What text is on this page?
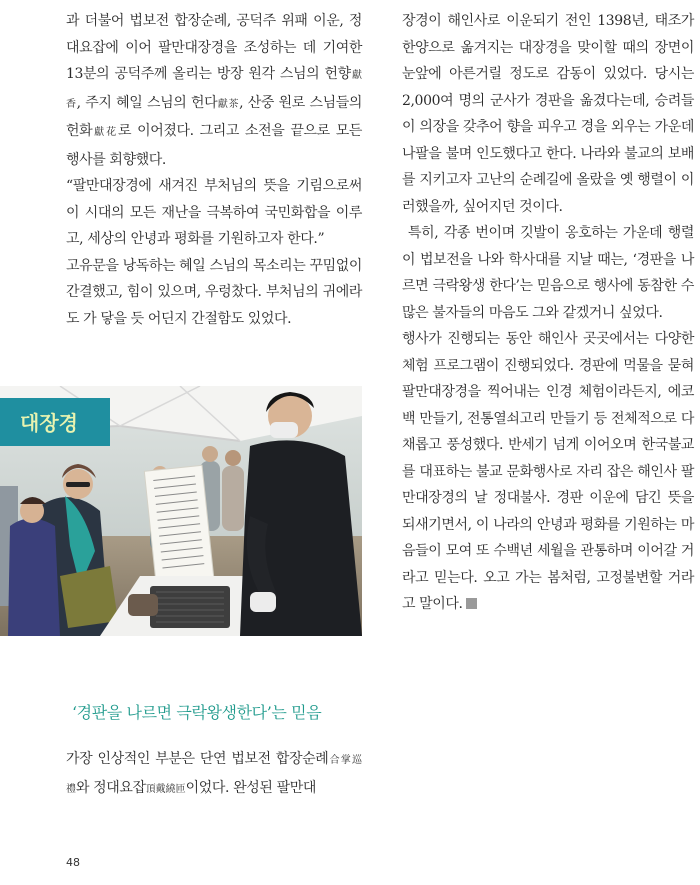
과 더불어 법보전 합장순례, 공덕주 위패 이운, 정대요잡에 이어 팔만대장경을 조성하는 데 기여한 13분의 공덕주께 올리는 방장 원각 스님의 헌향獻香, 주지 혜일 스님의 헌다獻茶, 산중 원로 스님들의 헌화獻花로 이어졌다. 그리고 소전을 끝으로 모든 행사를 회향했다.

“팔만대장경에 새겨진 부처님의 뜻을 기림으로써 이 시대의 모든 재난을 극복하여 국민화합을 이루고, 세상의 안녕과 평화를 기원하고자 한다.”

고유문을 낭독하는 혜일 스님의 목소리는 꾸밈없이 간결했고, 힘이 있으며, 우렁찼다. 부처님의 귀에라도 가 닿을 듯 어딘지 간절함도 있었다.

대장경
‘경판을 나르면 극락왕생한다’는 믿음

가장 인상적인 부분은 단연 법보전 합장순례合掌巡禮와 정대요잡頂戴繞匝이었다. 완성된 팔만대

장경이 해인사로 이운되기 전인 1398년, 태조가 한양으로 옮겨지는 대장경을 맞이할 때의 장면이 눈앞에 아른거릴 정도로 감동이 있었다. 당시는 2,000여 명의 군사가 경판을 옮겼다는데, 승려들이 의장을 갖추어 향을 피우고 경을 외우는 가운데 나팔을 불며 인도했다고 한다. 나라와 불교의 보배를 지키고자 고난의 순례길에 올랐을 옛 행렬이 이러했을까, 싶어지던 것이다.

특히, 각종 번이며 깃발이 옹호하는 가운데 행렬이 법보전을 나와 학사대를 지날 때는, ‘경판을 나르면 극락왕생 한다’는 믿음으로 행사에 동참한 수많은 불자들의 마음도 그와 같겠거니 싶었다.

행사가 진행되는 동안 해인사 곳곳에서는 다양한 체험 프로그램이 진행되었다. 경판에 먹물을 묻혀 팔만대장경을 찍어내는 인경 체험이라든지, 에코백 만들기, 전통열쇠고리 만들기 등 전체적으로 다채롭고 풍성했다. 반세기 넘게 이어오며 한국불교를 대표하는 불교 문화행사로 자리 잡은 해인사 팔만대장경의 날 정대불사. 경판 이운에 담긴 뜻을 되새기면서, 이 나라의 안녕과 평화를 기원하는 마음들이 모여 또 수백년 세월을 관통하며 이어갈 거라고 믿는다. 오고 가는 봄처럼, 고정불변할 거라고 말이다.

48
